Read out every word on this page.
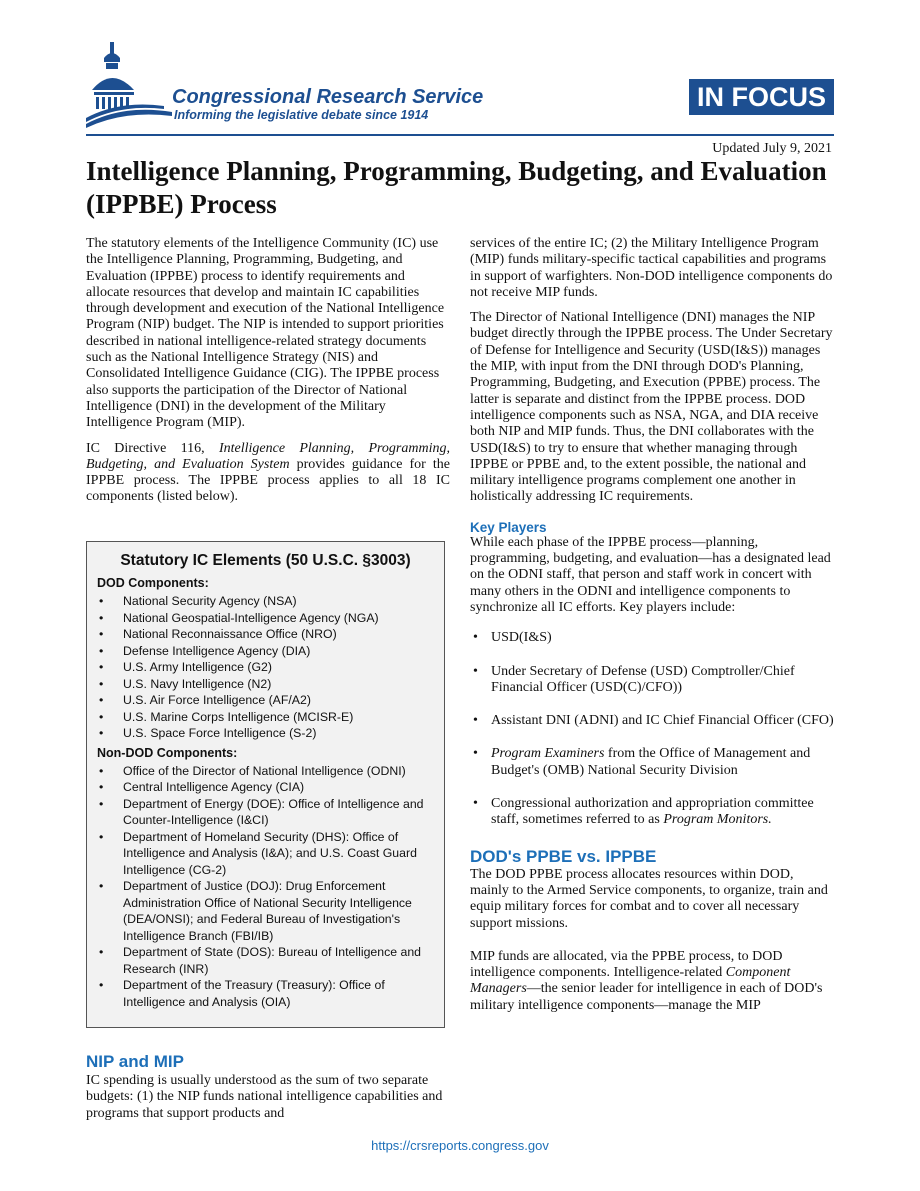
Congressional Research Service
Informing the legislative debate since 1914
IN FOCUS
Updated July 9, 2021
Intelligence Planning, Programming, Budgeting, and Evaluation (IPPBE) Process

The statutory elements of the Intelligence Community (IC) use the Intelligence Planning, Programming, Budgeting, and Evaluation (IPPBE) process to identify requirements and allocate resources that develop and maintain IC capabilities through development and execution of the National Intelligence Program (NIP) budget. The NIP is intended to support priorities described in national intelligence-related strategy documents such as the National Intelligence Strategy (NIS) and Consolidated Intelligence Guidance (CIG). The IPPBE process also supports the participation of the Director of National Intelligence (DNI) in the development of the Military Intelligence Program (MIP).

IC Directive 116, Intelligence Planning, Programming, Budgeting, and Evaluation System provides guidance for the IPPBE process. The IPPBE process applies to all 18 IC components (listed below).

Statutory IC Elements (50 U.S.C. §3003)
DOD Components:
• National Security Agency (NSA)
• National Geospatial-Intelligence Agency (NGA)
• National Reconnaissance Office (NRO)
• Defense Intelligence Agency (DIA)
• U.S. Army Intelligence (G2)
• U.S. Navy Intelligence (N2)
• U.S. Air Force Intelligence (AF/A2)
• U.S. Marine Corps Intelligence (MCISR-E)
• U.S. Space Force Intelligence (S-2)
Non-DOD Components:
• Office of the Director of National Intelligence (ODNI)
• Central Intelligence Agency (CIA)
• Department of Energy (DOE): Office of Intelligence and Counter-Intelligence (I&CI)
• Department of Homeland Security (DHS): Office of Intelligence and Analysis (I&A); and U.S. Coast Guard Intelligence (CG-2)
• Department of Justice (DOJ): Drug Enforcement Administration Office of National Security Intelligence (DEA/ONSI); and Federal Bureau of Investigation's Intelligence Branch (FBI/IB)
• Department of State (DOS): Bureau of Intelligence and Research (INR)
• Department of the Treasury (Treasury): Office of Intelligence and Analysis (OIA)
NIP and MIP
IC spending is usually understood as the sum of two separate budgets: (1) the NIP funds national intelligence capabilities and programs that support products and

services of the entire IC; (2) the Military Intelligence Program (MIP) funds military-specific tactical capabilities and programs in support of warfighters. Non-DOD intelligence components do not receive MIP funds.

The Director of National Intelligence (DNI) manages the NIP budget directly through the IPPBE process. The Under Secretary of Defense for Intelligence and Security (USD(I&S)) manages the MIP, with input from the DNI through DOD's Planning, Programming, Budgeting, and Execution (PPBE) process. The latter is separate and distinct from the IPPBE process. DOD intelligence components such as NSA, NGA, and DIA receive both NIP and MIP funds. Thus, the DNI collaborates with the USD(I&S) to try to ensure that whether managing through IPPBE or PPBE and, to the extent possible, the national and military intelligence programs complement one another in holistically addressing IC requirements.

Key Players

While each phase of the IPPBE process—planning, programming, budgeting, and evaluation—has a designated lead on the ODNI staff, that person and staff work in concert with many others in the ODNI and intelligence components to synchronize all IC efforts. Key players include:

• USD(I&S)
• Under Secretary of Defense (USD) Comptroller/Chief Financial Officer (USD(C)/CFO))
• Assistant DNI (ADNI) and IC Chief Financial Officer (CFO)
• Program Examiners from the Office of Management and Budget's (OMB) National Security Division
• Congressional authorization and appropriation committee staff, sometimes referred to as Program Monitors.
DOD's PPBE vs. IPPBE

The DOD PPBE process allocates resources within DOD, mainly to the Armed Service components, to organize, train and equip military forces for combat and to cover all necessary support missions.

MIP funds are allocated, via the PPBE process, to DOD intelligence components. Intelligence-related Component Managers—the senior leader for intelligence in each of DOD's military intelligence components—manage the MIP

https://crsreports.congress.gov
